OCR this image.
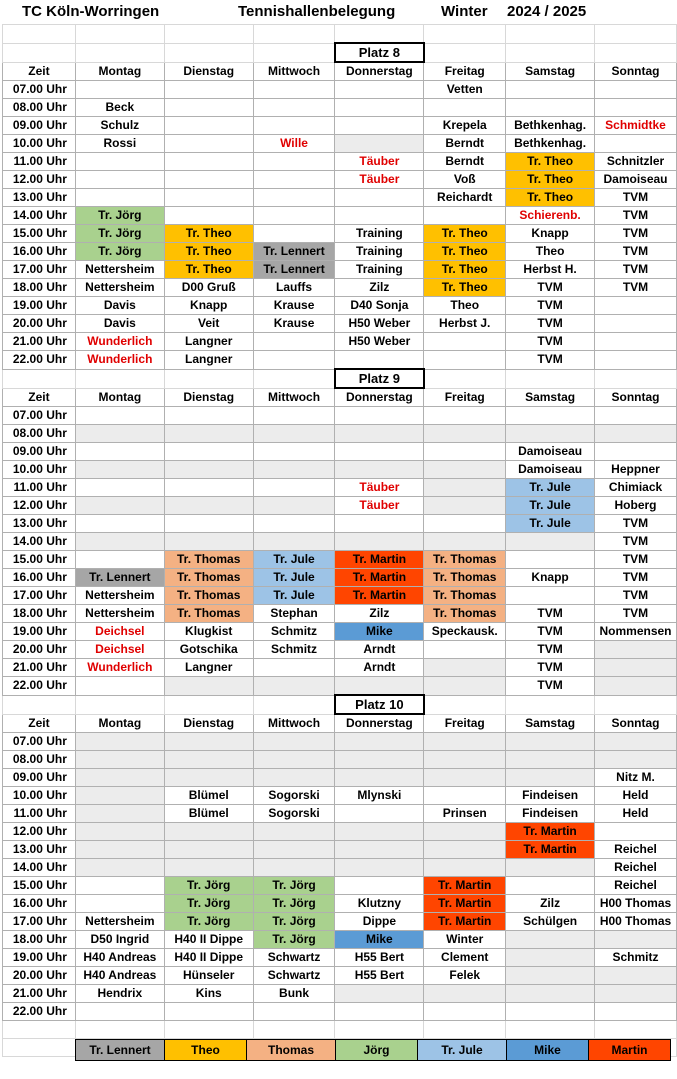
TC Köln-Worringen	Tennishallenbelegung	Winter 2024 / 2025

				Platz 8			
Zeit	Montag	Dienstag	Mittwoch	Donnerstag	Freitag	Samstag	Sonntag
07.00 Uhr					Vetten		
08.00 Uhr	Beck						
09.00 Uhr	Schulz				Krepela	Bethkenhag.	Schmidtke
10.00 Uhr	Rossi		Wille		Berndt	Bethkenhag.	
11.00 Uhr				Täuber	Berndt	Tr. Theo	Schnitzler
12.00 Uhr				Täuber	Voß	Tr. Theo	Damoiseau
13.00 Uhr					Reichardt	Tr. Theo	TVM
14.00 Uhr	Tr. Jörg					Schierenb.	TVM
15.00 Uhr	Tr. Jörg	Tr. Theo		Training	Tr. Theo	Knapp	TVM
16.00 Uhr	Tr. Jörg	Tr. Theo	Tr. Lennert	Training	Tr. Theo	Theo	TVM
17.00 Uhr	Nettersheim	Tr. Theo	Tr. Lennert	Training	Tr. Theo	Herbst H.	TVM
18.00 Uhr	Nettersheim	D00 Gruß	Lauffs	Zilz	Tr. Theo	TVM	TVM
19.00 Uhr	Davis	Knapp	Krause	D40 Sonja	Theo	TVM	
20.00 Uhr	Davis	Veit	Krause	H50 Weber	Herbst J.	TVM	
21.00 Uhr	Wunderlich	Langner		H50 Weber		TVM	
22.00 Uhr	Wunderlich	Langner				TVM	
				Platz 9			
Zeit	Montag	Dienstag	Mittwoch	Donnerstag	Freitag	Samstag	Sonntag
07.00 Uhr							
08.00 Uhr							
09.00 Uhr						Damoiseau	
10.00 Uhr						Damoiseau	Heppner
11.00 Uhr				Täuber		Tr. Jule	Chimiack
12.00 Uhr				Täuber		Tr. Jule	Hoberg
13.00 Uhr						Tr. Jule	TVM
14.00 Uhr							TVM
15.00 Uhr		Tr. Thomas	Tr. Jule	Tr. Martin	Tr. Thomas		TVM
16.00 Uhr	Tr. Lennert	Tr. Thomas	Tr. Jule	Tr. Martin	Tr. Thomas	Knapp	TVM
17.00 Uhr	Nettersheim	Tr. Thomas	Tr. Jule	Tr. Martin	Tr. Thomas		TVM
18.00 Uhr	Nettersheim	Tr. Thomas	Stephan	Zilz	Tr. Thomas	TVM	TVM
19.00 Uhr	Deichsel	Klugkist	Schmitz	Mike	Speckausk.	TVM	Nommensen
20.00 Uhr	Deichsel	Gotschika	Schmitz	Arndt		TVM	
21.00 Uhr	Wunderlich	Langner		Arndt		TVM	
22.00 Uhr						TVM	
				Platz 10			
Zeit	Montag	Dienstag	Mittwoch	Donnerstag	Freitag	Samstag	Sonntag
07.00 Uhr							
08.00 Uhr							
09.00 Uhr							Nitz M.
10.00 Uhr		Blümel	Sogorski	Mlynski		Findeisen	Held
11.00 Uhr		Blümel	Sogorski		Prinsen	Findeisen	Held
12.00 Uhr						Tr. Martin	
13.00 Uhr						Tr. Martin	Reichel
14.00 Uhr							Reichel
15.00 Uhr		Tr. Jörg	Tr. Jörg		Tr. Martin		Reichel
16.00 Uhr		Tr. Jörg	Tr. Jörg	Klutzny	Tr. Martin	Zilz	H00 Thomas
17.00 Uhr	Nettersheim	Tr. Jörg	Tr. Jörg	Dippe	Tr. Martin	Schülgen	H00 Thomas
18.00 Uhr	D50 Ingrid	H40 II Dippe	Tr. Jörg	Mike	Winter		
19.00 Uhr	H40 Andreas	H40 II Dippe	Schwartz	H55 Bert	Clement		Schmitz
20.00 Uhr	H40 Andreas	Hünseler	Schwartz	H55 Bert	Felek		
21.00 Uhr	Hendrix	Kins	Bunk				
22.00 Uhr							

Tr. Lennert	Theo	Thomas	Jörg	Tr. Jule	Mike	Martin
